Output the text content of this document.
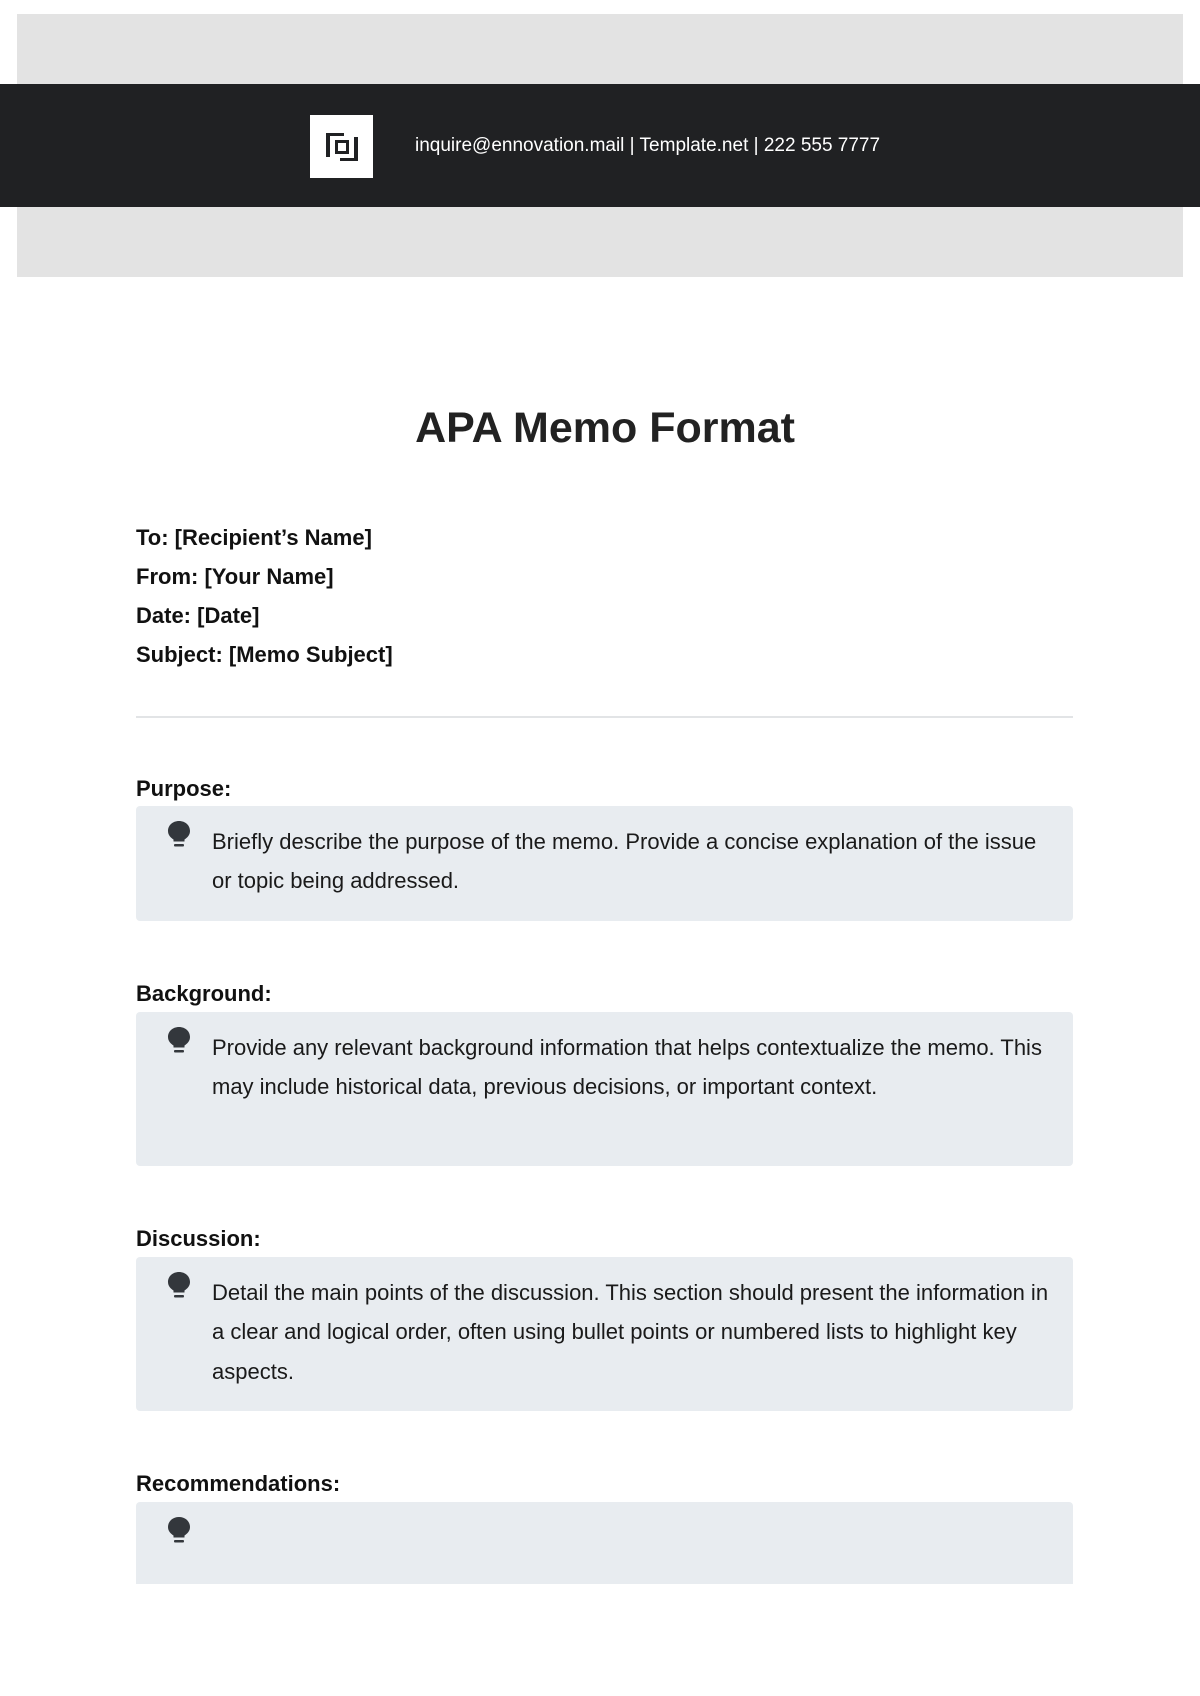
inquire@ennovation.mail | Template.net | 222 555 7777
APA Memo Format
To: [Recipient’s Name]
From: [Your Name]
Date: [Date]
Subject: [Memo Subject]
Purpose:
Briefly describe the purpose of the memo. Provide a concise explanation of the issue or topic being addressed.
Background:
Provide any relevant background information that helps contextualize the memo. This may include historical data, previous decisions, or important context.
Discussion:
Detail the main points of the discussion. This section should present the information in a clear and logical order, often using bullet points or numbered lists to highlight key aspects.
Recommendations:
